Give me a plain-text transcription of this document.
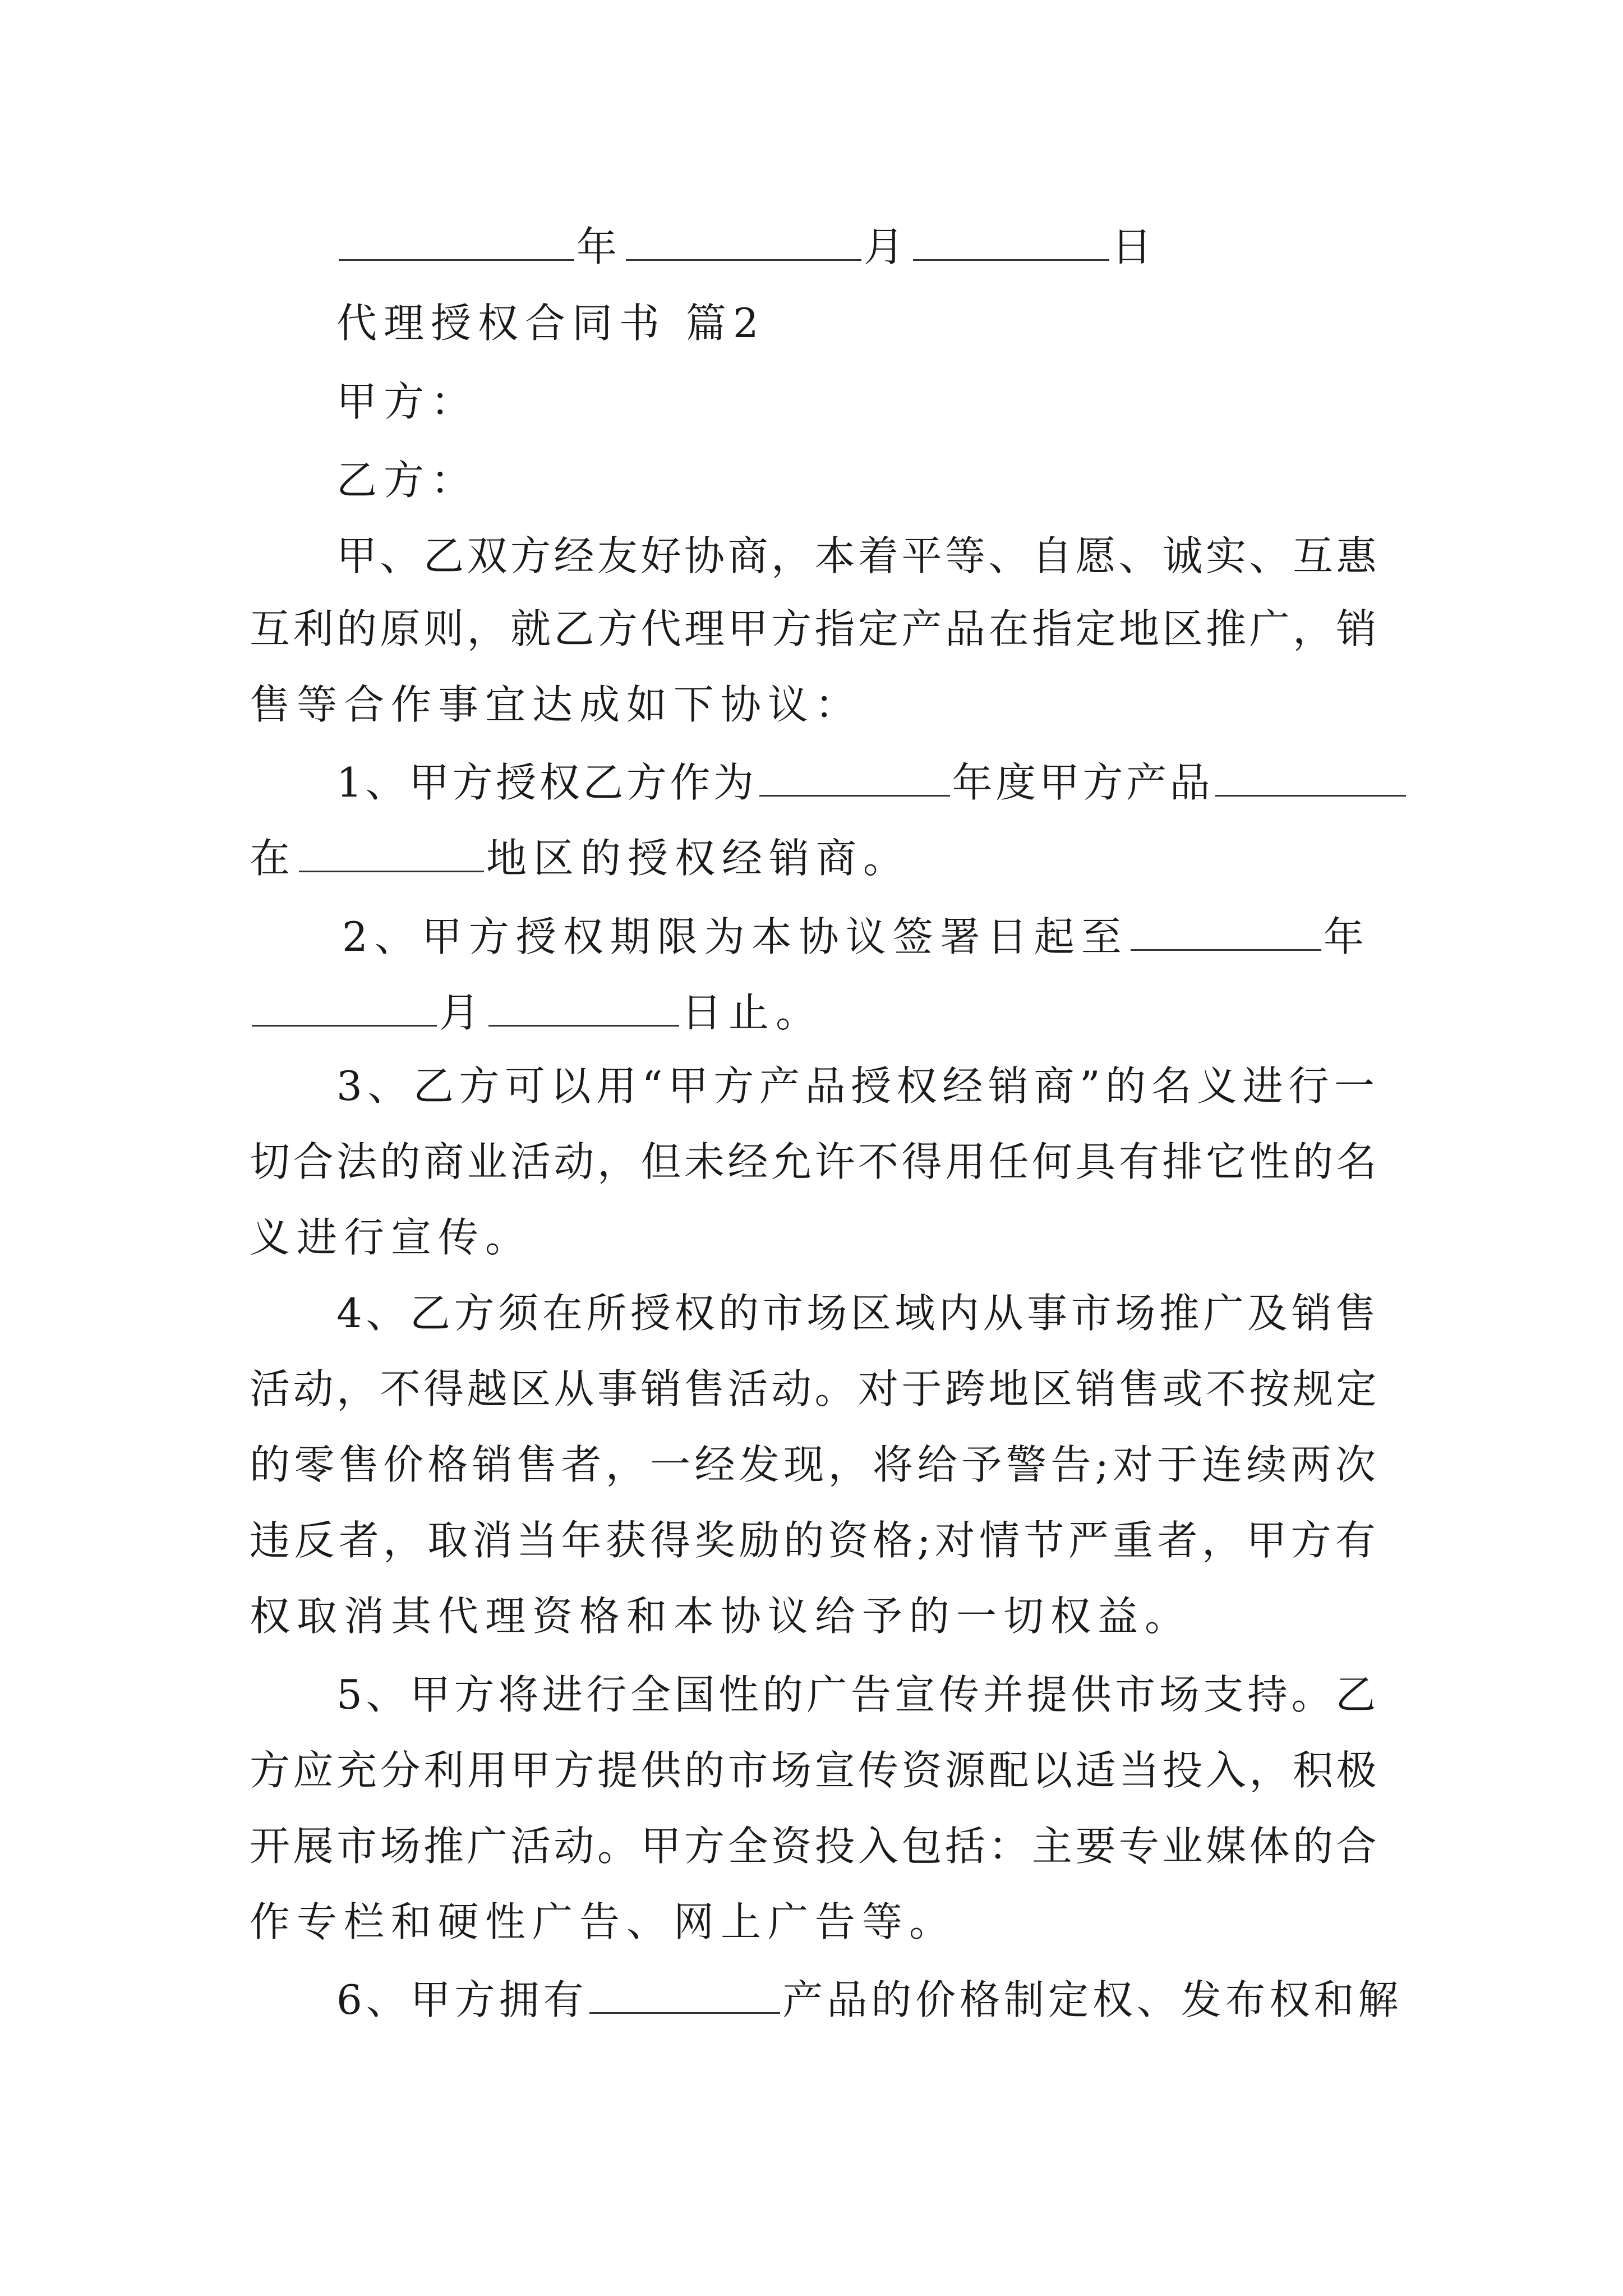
年	月	日
代理授权合同书 篇2
甲方：
乙方：
甲、乙双方经友好协商，本着平等、自愿、诚实、互惠
互利的原则，就乙方代理甲方指定产品在指定地区推广，销
售等合作事宜达成如下协议：
1、甲方授权乙方作为	年度甲方产品
在	地区的授权经销商。
2、甲方授权期限为本协议签署日起至	年
月	日止。
3、乙方可以用“甲方产品授权经销商”的名义进行一
切合法的商业活动，但未经允许不得用任何具有排它性的名
义进行宣传。
4、乙方须在所授权的市场区域内从事市场推广及销售
活动，不得越区从事销售活动。对于跨地区销售或不按规定
的零售价格销售者，一经发现，将给予警告;对于连续两次
违反者，取消当年获得奖励的资格;对情节严重者，甲方有
权取消其代理资格和本协议给予的一切权益。
5、甲方将进行全国性的广告宣传并提供市场支持。乙
方应充分利用甲方提供的市场宣传资源配以适当投入，积极
开展市场推广活动。甲方全资投入包括：主要专业媒体的合
作专栏和硬性广告、网上广告等。
6、甲方拥有	产品的价格制定权、发布权和解
